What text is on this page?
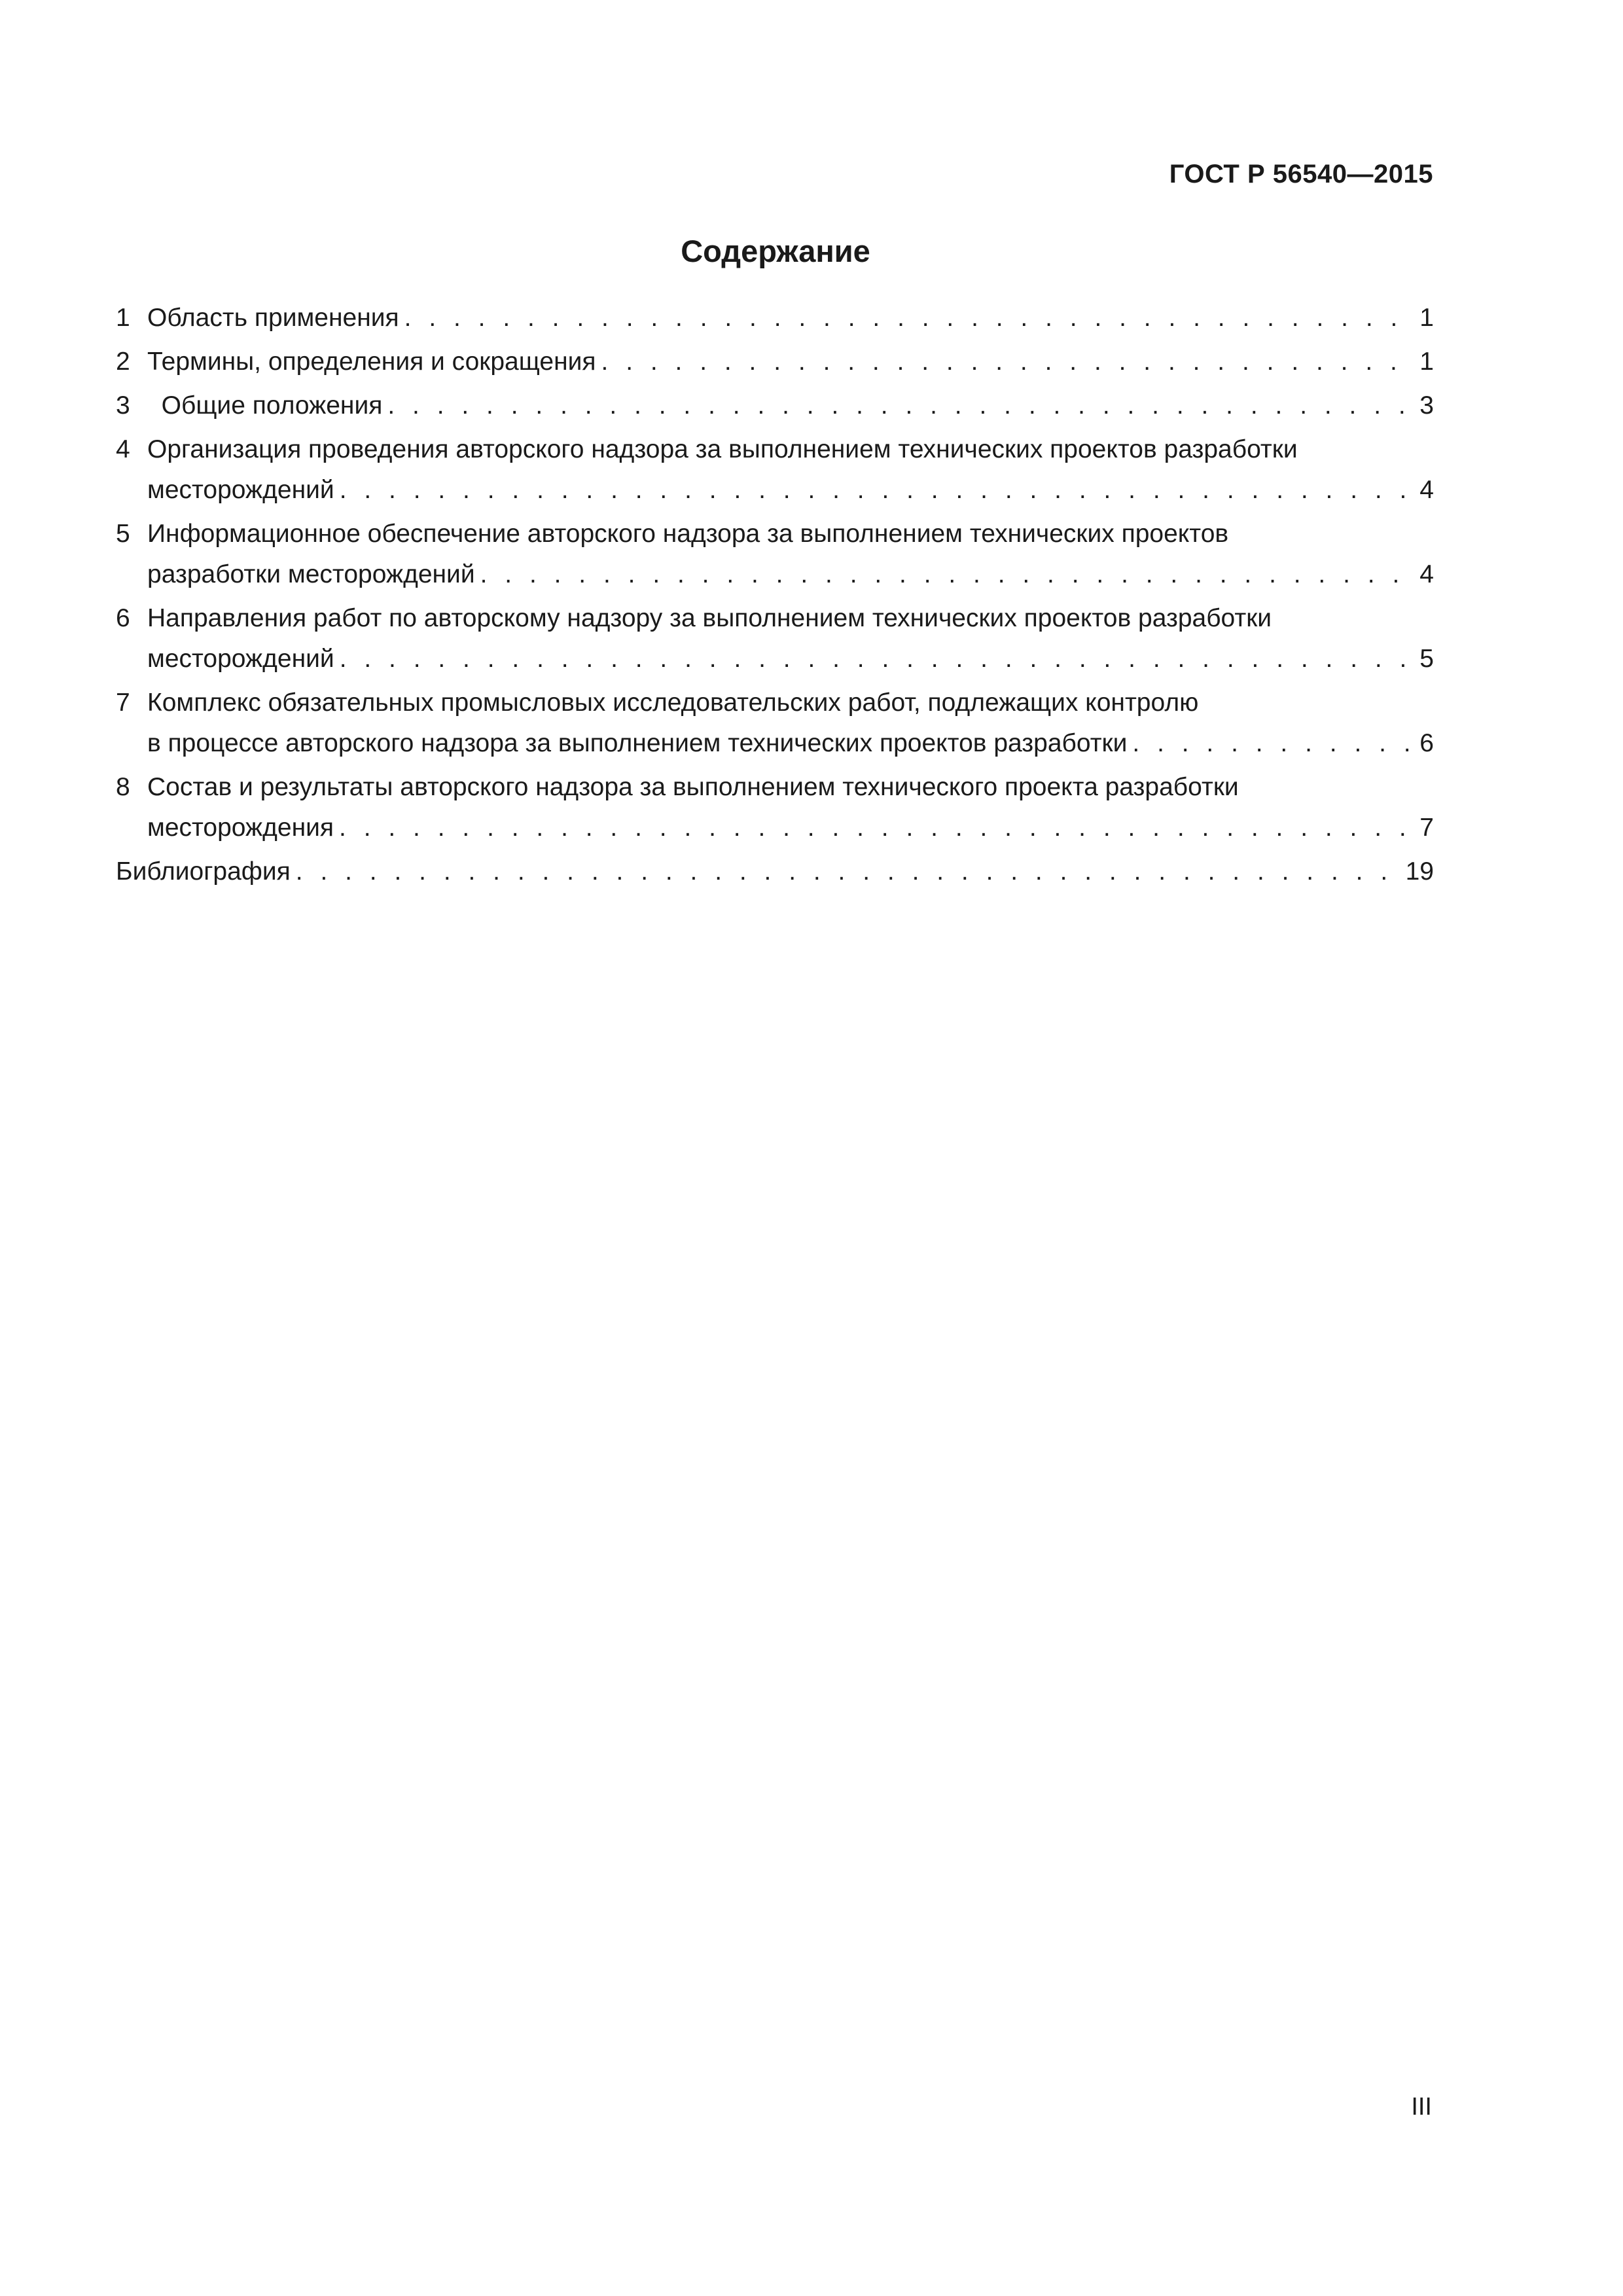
ГОСТ Р 56540—2015
Содержание
1 Область применения . . .	1
2 Термины, определения и сокращения . . .	1
3 Общие положения . . .	3
4 Организация проведения авторского надзора за выполнением технических проектов разработки
месторождений . . .	4
5 Информационное обеспечение авторского надзора за выполнением технических проектов
разработки месторождений . . .	4
6 Направления работ по авторскому надзору за выполнением технических проектов разработки
месторождений . . .	5
7 Комплекс обязательных промысловых исследовательских работ, подлежащих контролю
в процессе авторского надзора за выполнением технических проектов разработки . . .	6
8 Состав и результаты авторского надзора за выполнением технического проекта разработки
месторождения . . .	7
Библиография . . .	19
III
